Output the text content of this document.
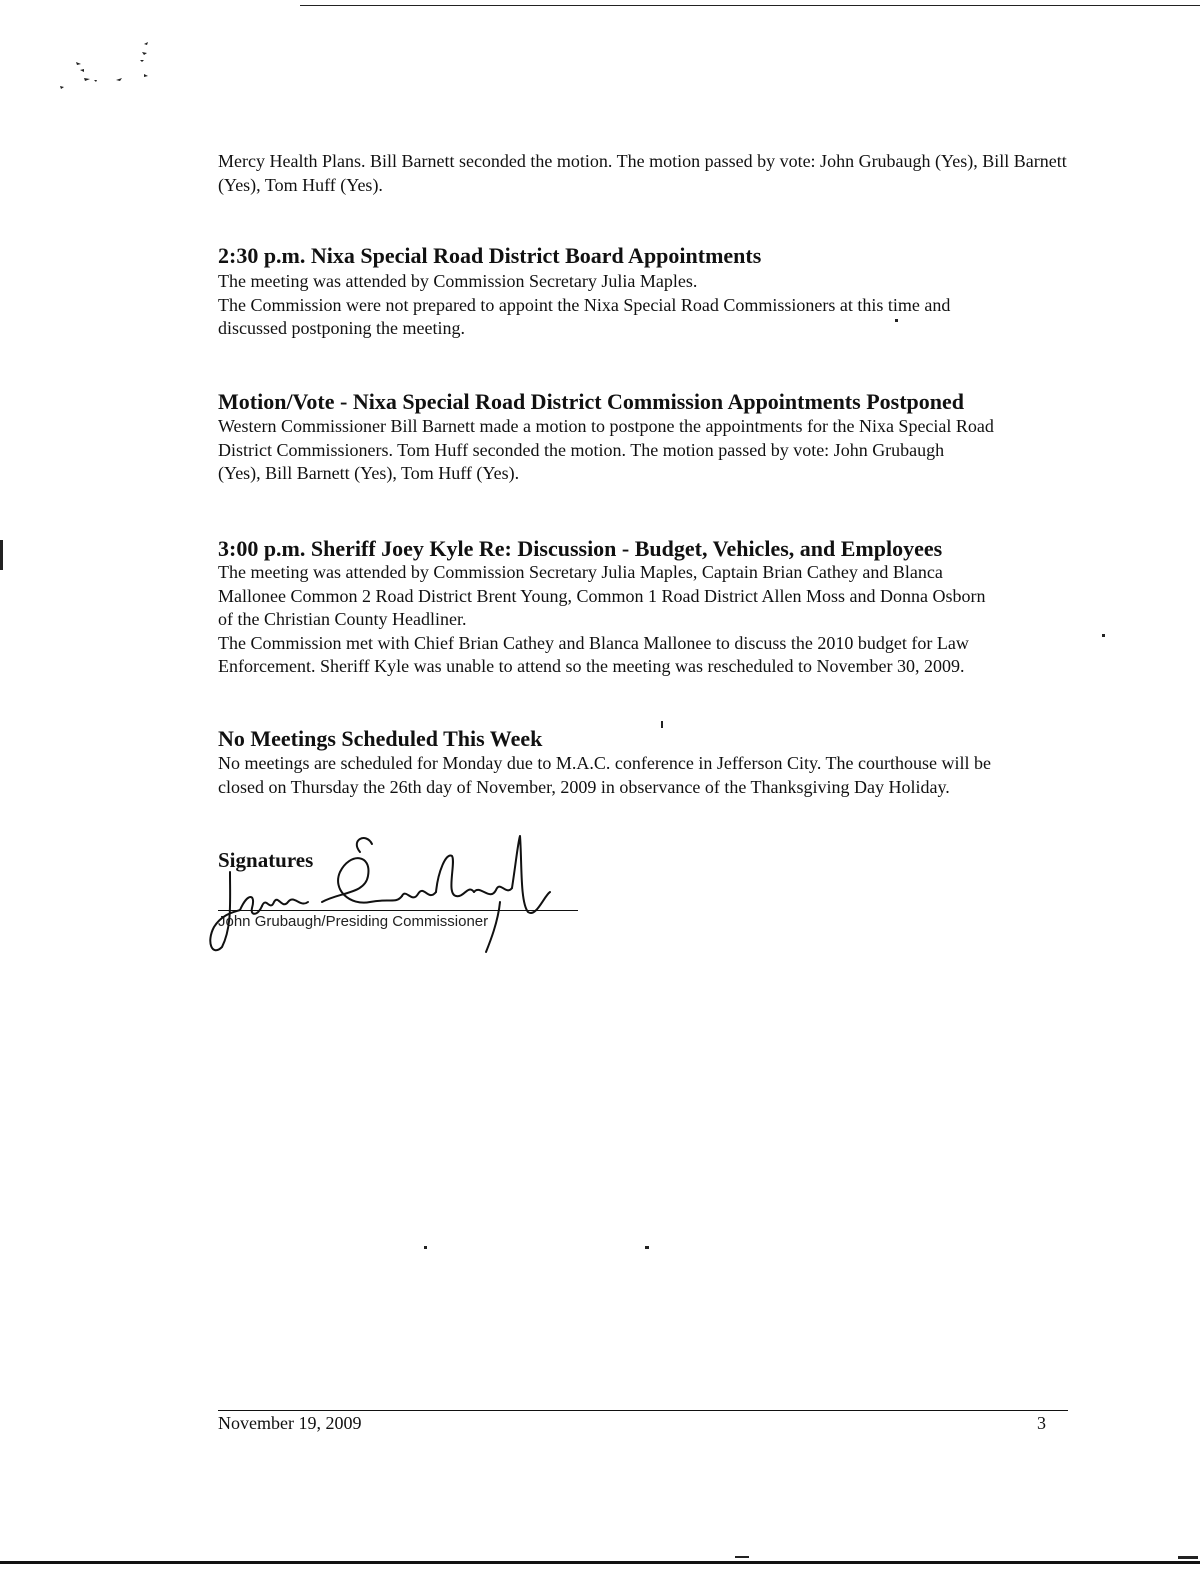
Mercy Health Plans. Bill Barnett seconded the motion. The motion passed by vote: John Grubaugh (Yes), Bill Barnett (Yes), Tom Huff (Yes).

2:30 p.m. Nixa Special Road District Board Appointments
The meeting was attended by Commission Secretary Julia Maples.
The Commission were not prepared to appoint the Nixa Special Road Commissioners at this time and
discussed postponing the meeting.
Motion/Vote - Nixa Special Road District Commission Appointments Postponed
Western Commissioner Bill Barnett made a motion to postpone the appointments for the Nixa Special Road
District Commissioners. Tom Huff seconded the motion. The motion passed by vote: John Grubaugh
(Yes), Bill Barnett (Yes), Tom Huff (Yes).
3:00 p.m. Sheriff Joey Kyle Re: Discussion - Budget, Vehicles, and Employees
The meeting was attended by Commission Secretary Julia Maples, Captain Brian Cathey and Blanca
Mallonee Common 2 Road District Brent Young, Common 1 Road District Allen Moss and Donna Osborn
of the Christian County Headliner.
The Commission met with Chief Brian Cathey and Blanca Mallonee to discuss the 2010 budget for Law
Enforcement. Sheriff Kyle was unable to attend so the meeting was rescheduled to November 30, 2009.
No Meetings Scheduled This Week
No meetings are scheduled for Monday due to M.A.C. conference in Jefferson City. The courthouse will be
closed on Thursday the 26th day of November, 2009 in observance of the Thanksgiving Day Holiday.
Signatures
John Grubaugh/Presiding Commissioner
November 19, 2009	3
